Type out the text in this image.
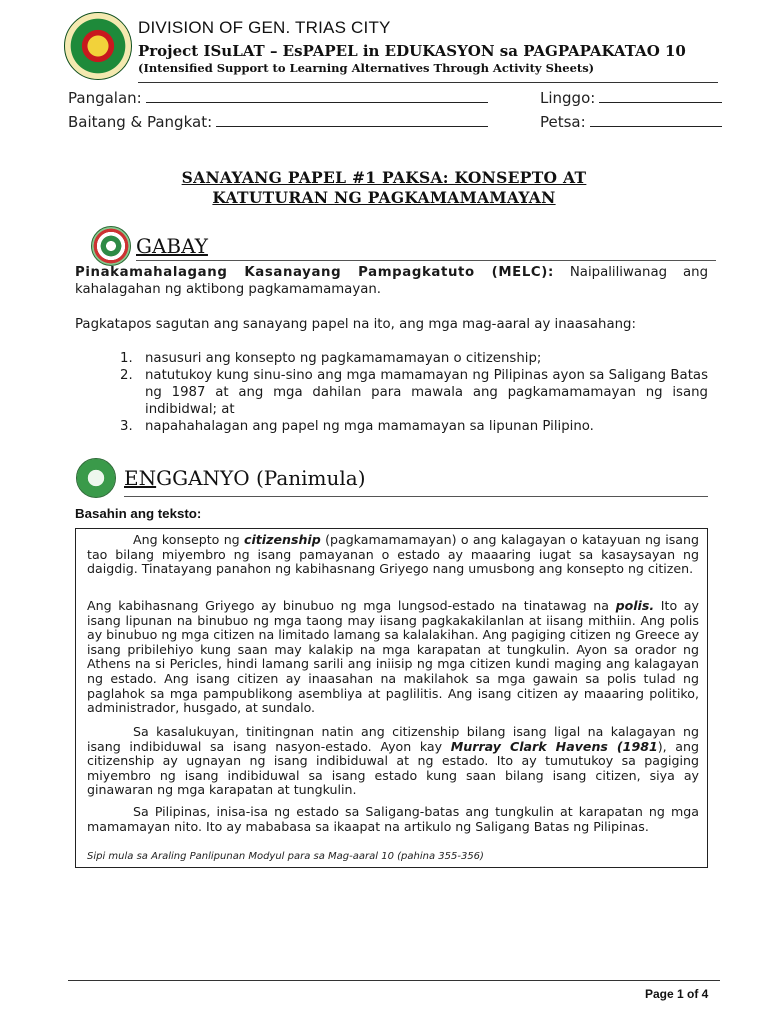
DIVISION OF GEN. TRIAS CITY
Project ISuLAT – EsPAPEL in EDUKASYON sa PAGPAPAKATAO 10
(Intensified Support to Learning Alternatives Through Activity Sheets)
Pangalan:	Linggo:
Baitang & Pangkat:	Petsa:
SANAYANG PAPEL #1 PAKSA: KONSEPTO AT
KATUTURAN NG PAGKAMAMAMAYAN
GABAY
Pinakamahalagang Kasanayang Pampagkatuto (MELC): Naipaliliwanag ang kahalagahan ng aktibong pagkamamamayan.
Pagkatapos sagutan ang sanayang papel na ito, ang mga mag-aaral ay inaasahang:
1. nasusuri ang konsepto ng pagkamamamayan o citizenship;
2. natutukoy kung sinu-sino ang mga mamamayan ng Pilipinas ayon sa Saligang Batas ng 1987 at ang mga dahilan para mawala ang pagkamamamayan ng isang indibidwal; at
3. napahahalagan ang papel ng mga mamamayan sa lipunan Pilipino.
ENGGANYO (Panimula)
Basahin ang teksto:
Ang konsepto ng citizenship (pagkamamamayan) o ang kalagayan o katayuan ng isang tao bilang miyembro ng isang pamayanan o estado ay maaaring iugat sa kasaysayan ng daigdig. Tinatayang panahon ng kabihasnang Griyego nang umusbong ang konsepto ng citizen.
Ang kabihasnang Griyego ay binubuo ng mga lungsod-estado na tinatawag na polis. Ito ay isang lipunan na binubuo ng mga taong may iisang pagkakakilanlan at iisang mithiin. Ang polis ay binubuo ng mga citizen na limitado lamang sa kalalakihan. Ang pagiging citizen ng Greece ay isang pribilehiyo kung saan may kalakip na mga karapatan at tungkulin. Ayon sa orador ng Athens na si Pericles, hindi lamang sarili ang iniisip ng mga citizen kundi maging ang kalagayan ng estado. Ang isang citizen ay inaasahan na makilahok sa mga gawain sa polis tulad ng paglahok sa mga pampublikong asembliya at paglilitis. Ang isang citizen ay maaaring politiko, administrador, husgado, at sundalo.
Sa kasalukuyan, tinitingnan natin ang citizenship bilang isang ligal na kalagayan ng isang indibiduwal sa isang nasyon-estado. Ayon kay Murray Clark Havens (1981), ang citizenship ay ugnayan ng isang indibiduwal at ng estado. Ito ay tumutukoy sa pagiging miyembro ng isang indibiduwal sa isang estado kung saan bilang isang citizen, siya ay ginawaran ng mga karapatan at tungkulin.
Sa Pilipinas, inisa-isa ng estado sa Saligang-batas ang tungkulin at karapatan ng mga mamamayan nito. Ito ay mababasa sa ikaapat na artikulo ng Saligang Batas ng Pilipinas.
Sipi mula sa Araling Panlipunan Modyul para sa Mag-aaral 10 (pahina 355-356)
Page 1 of 4
